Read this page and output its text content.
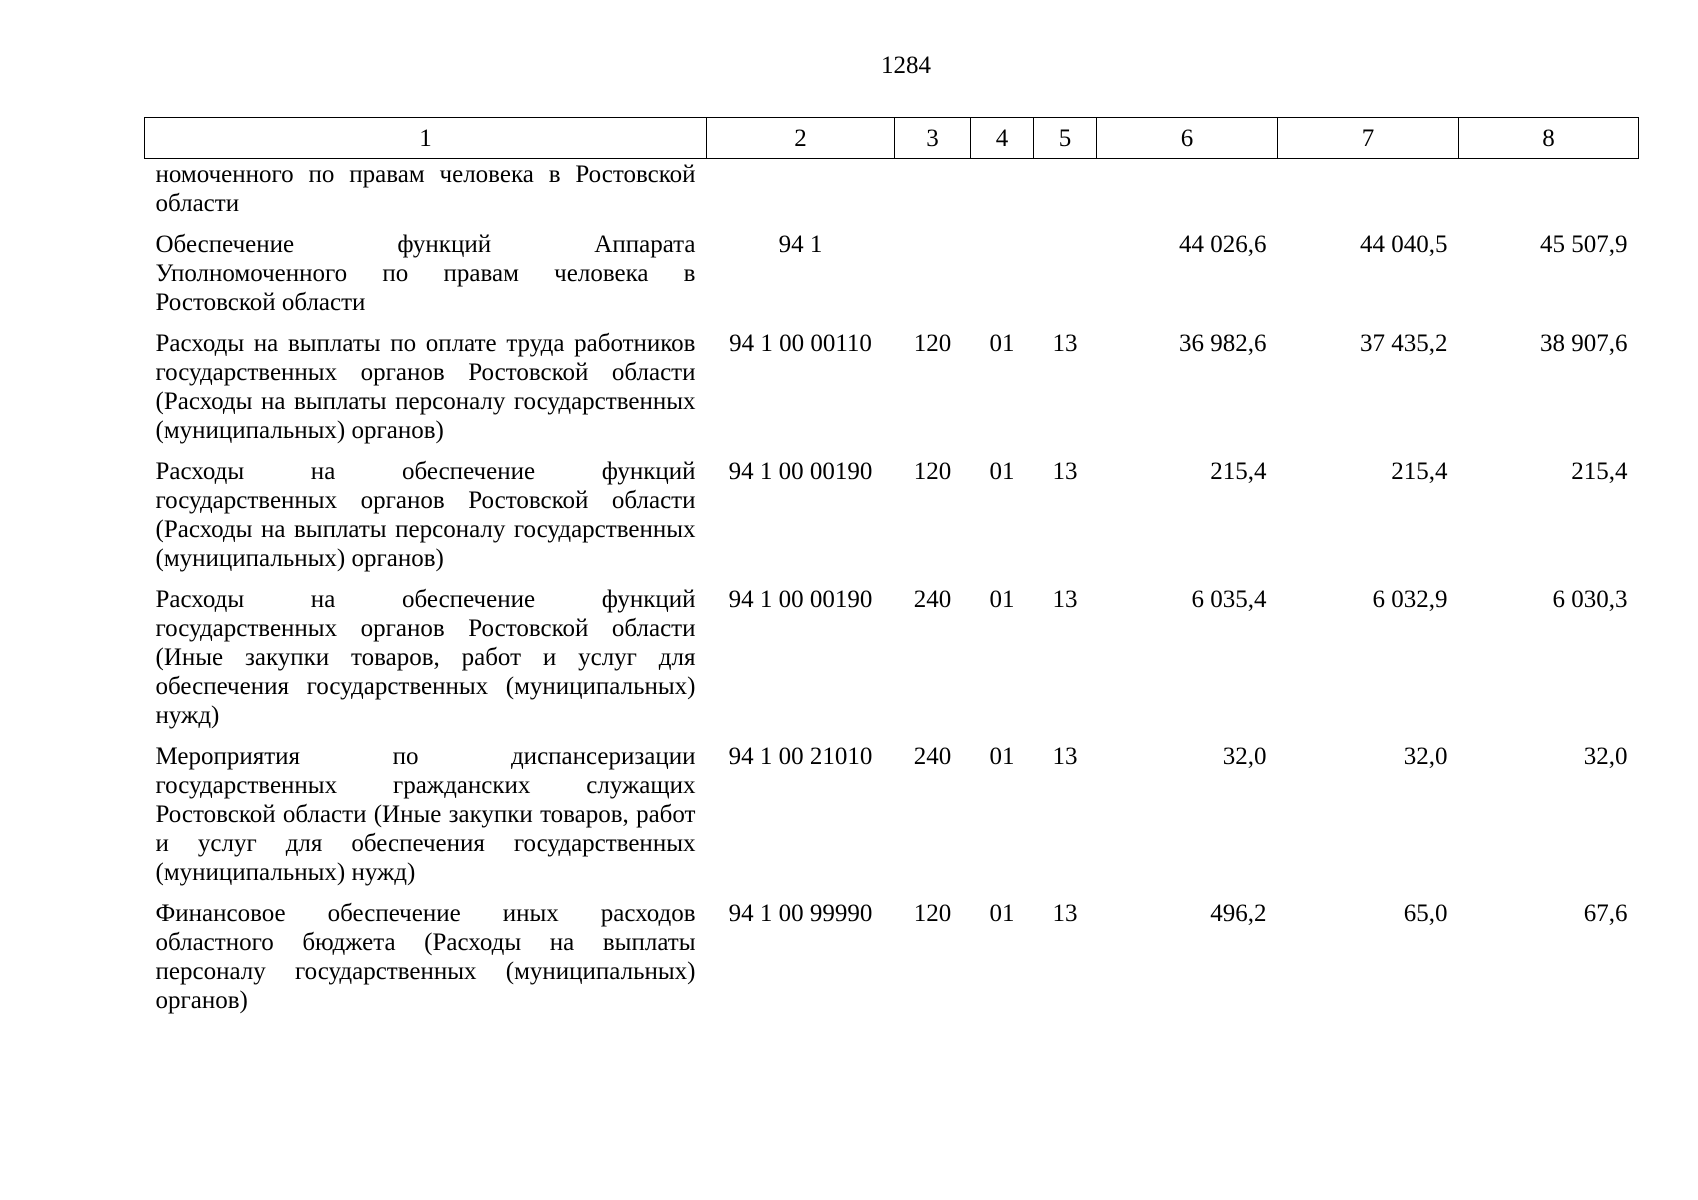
1284
1	2	3	4	5	6	7	8
номоченного по правам человека в Ростовской области							
Обеспечение функций Аппарата Уполномоченного по правам человека в Ростовской области	94 1				44 026,6	44 040,5	45 507,9
Расходы на выплаты по оплате труда работников государственных органов Ростовской области (Расходы на выплаты персоналу государственных (муниципальных) органов)	94 1 00 00110	120	01	13	36 982,6	37 435,2	38 907,6
Расходы на обеспечение функций государственных органов Ростовской области (Расходы на выплаты персоналу государственных (муниципальных) органов)	94 1 00 00190	120	01	13	215,4	215,4	215,4
Расходы на обеспечение функций государственных органов Ростовской области (Иные закупки товаров, работ и услуг для обеспечения государственных (муниципальных) нужд)	94 1 00 00190	240	01	13	6 035,4	6 032,9	6 030,3
Мероприятия по диспансеризации государственных гражданских служащих Ростовской области (Иные закупки товаров, работ и услуг для обеспечения государственных (муниципальных) нужд)	94 1 00 21010	240	01	13	32,0	32,0	32,0
Финансовое обеспечение иных расходов областного бюджета (Расходы на выплаты персоналу государственных (муниципальных) органов)	94 1 00 99990	120	01	13	496,2	65,0	67,6
